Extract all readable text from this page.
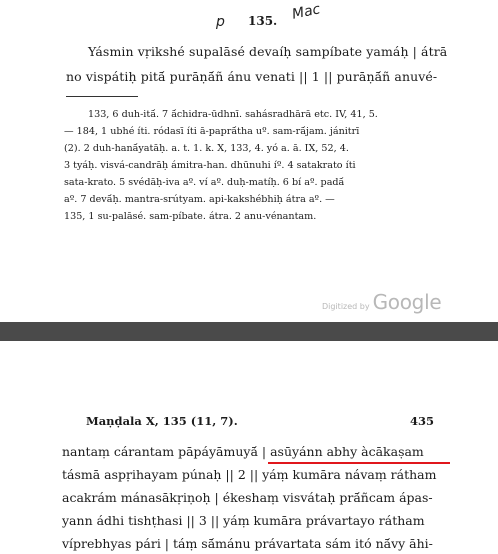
p 135. Mac
Yásmin vṛikshé supalāsé devaíḥ sampíbate yamáḥ | átrā
no vispátiḥ pitā́ purāṇā́ñ ánu venati || 1 || purāṇā́ñ anuvé-
133, 6 duh-itā́. 7 ā́chidra-ūdhnī. sahásradhārā etc. IV, 41, 5.
— 184, 1 ubhé íti. ródasī íti ā-paprā́tha uº. sam-rā́jam. jánitrī
(2). 2 duh-hanā́yatāḥ. a. t. 1. k. X, 133, 4. yó a. ā. IX, 52, 4.
3 tyáḥ. visvá-candrāḥ ámitra-han. dhūnuhi íº. 4 satakrato íti
sata-krato. 5 svédāḥ-iva aº. ví aº. duḥ-matíḥ. 6 bí aº. padā́
aº. 7 devā́ḥ. mantra-srútyam. api-kakshébhiḥ átra aº. —
135, 1 su-palāsé. sam-píbate. átra. 2 anu-vénantam.
Digitized by Google
Maṇḍala X, 135 (11, 7).	435
nantaṃ cárantam pāpáyāmuyā́ | asūyánn abhy àcākaṣam
tásmā aspṛihayam púnaḥ || 2 || yáṃ kumāra návaṃ rátham
acakrám mánasākṛiṇoḥ | ékeshaṃ visvátaḥ prā́ñcam ápas-
yann ádhi tishṭhasi || 3 || yáṃ kumāra právartayo rátham
víprebhyas pári | táṃ sā́mánu právartata sám itó nā́vy āhi-
